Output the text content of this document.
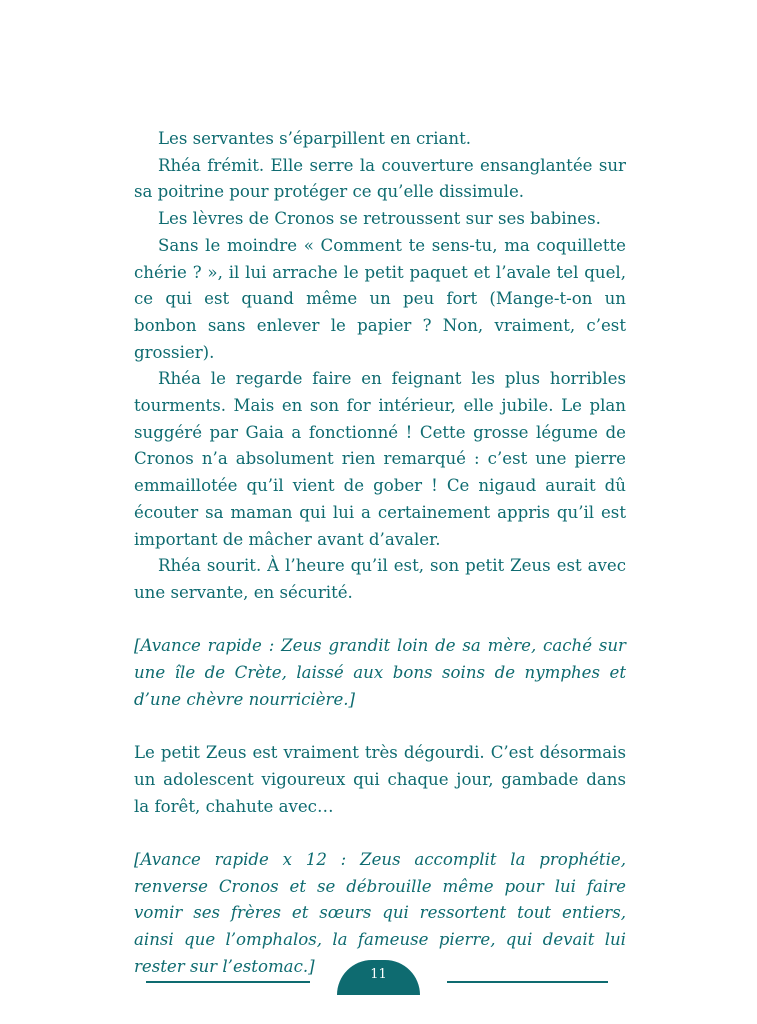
Les servantes s’éparpillent en criant.

Rhéa frémit. Elle serre la couverture ensanglantée sur sa poitrine pour protéger ce qu’elle dissimule.

Les lèvres de Cronos se retroussent sur ses babines.

Sans le moindre « Comment te sens-tu, ma coquillette chérie ? », il lui arrache le petit paquet et l’avale tel quel, ce qui est quand même un peu fort (Mange-t-on un bonbon sans enlever le papier ? Non, vraiment, c’est grossier).

Rhéa le regarde faire en feignant les plus horribles tourments. Mais en son for intérieur, elle jubile. Le plan suggéré par Gaia a fonctionné ! Cette grosse légume de Cronos n’a absolument rien remarqué : c’est une pierre emmaillotée qu’il vient de gober ! Ce nigaud aurait dû écouter sa maman qui lui a certainement appris qu’il est important de mâcher avant d’avaler.

Rhéa sourit. À l’heure qu’il est, son petit Zeus est avec une servante, en sécurité.

[Avance rapide : Zeus grandit loin de sa mère, caché sur une île de Crète, laissé aux bons soins de nymphes et d’une chèvre nourricière.]

Le petit Zeus est vraiment très dégourdi. C’est désormais un adolescent vigoureux qui chaque jour, gambade dans la forêt, chahute avec…

[Avance rapide x 12 : Zeus accomplit la prophétie, renverse Cronos et se débrouille même pour lui faire vomir ses frères et sœurs qui ressortent tout entiers, ainsi que l’omphalos, la fameuse pierre, qui devait lui rester sur l’estomac.]	11
